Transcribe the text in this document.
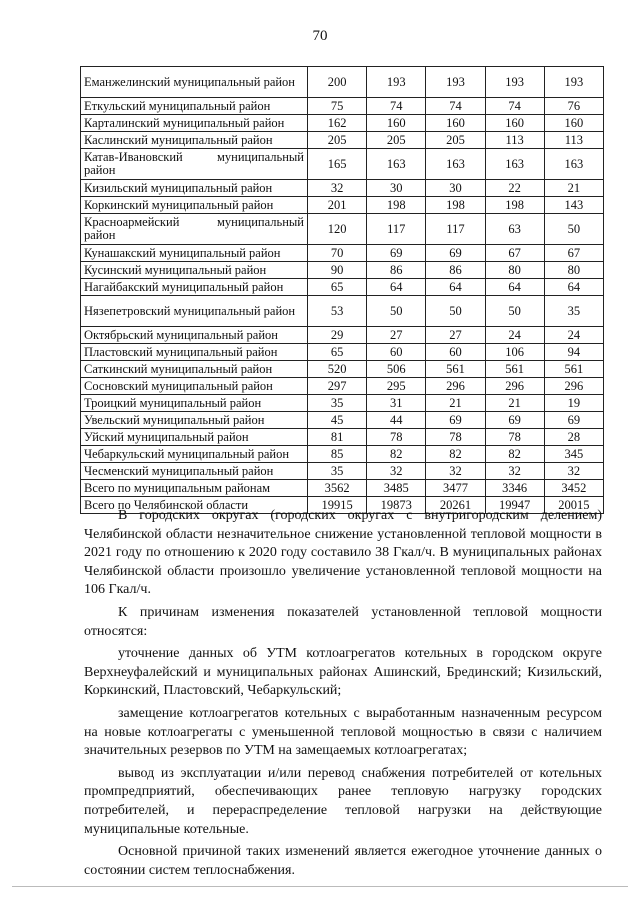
70
Еманжелинский муниципальный район	200	193	193	193	193

Еткульский муниципальный район	75	74	74	74	76

Карталинский муниципальный район	162	160	160	160	160

Каслинский муниципальный район	205	205	205	113	113

Катав-Ивановский муниципальный район	165	163	163	163	163

Кизильский муниципальный район	32	30	30	22	21

Коркинский муниципальный район	201	198	198	198	143

Красноармейский муниципальный район	120	117	117	63	50

Кунашакский муниципальный район	70	69	69	67	67

Кусинский муниципальный район	90	86	86	80	80

Нагайбакский муниципальный район	65	64	64	64	64

Нязепетровский муниципальный район	53	50	50	50	35

Октябрьский муниципальный район	29	27	27	24	24

Пластовский муниципальный район	65	60	60	106	94

Саткинский муниципальный район	520	506	561	561	561

Сосновский муниципальный район	297	295	296	296	296

Троицкий муниципальный район	35	31	21	21	19

Увельский муниципальный район	45	44	69	69	69

Уйский муниципальный район	81	78	78	78	28

Чебаркульский муниципальный район	85	82	82	82	345

Чесменский муниципальный район	35	32	32	32	32

Всего по муниципальным районам	3562	3485	3477	3346	3452

Всего по Челябинской области	19915	19873	20261	19947	20015

В городских округах (городских округах с внутригородским делением) Челябинской области незначительное снижение установленной тепловой мощности в 2021 году по отношению к 2020 году составило 38 Гкал/ч. В муниципальных районах Челябинской области произошло увеличение установленной тепловой мощности на 106 Гкал/ч.

К причинам изменения показателей установленной тепловой мощности относятся:

уточнение данных об УТМ котлоагрегатов котельных в городском округе Верхнеуфалейский и муниципальных районах Ашинский, Брединский; Кизильский, Коркинский, Пластовский, Чебаркульский;

замещение котлоагрегатов котельных с выработанным назначенным ресурсом на новые котлоагрегаты с уменьшенной тепловой мощностью в связи с наличием значительных резервов по УТМ на замещаемых котлоагрегатах;

вывод из эксплуатации и/или перевод снабжения потребителей от котельных промпредприятий, обеспечивающих ранее тепловую нагрузку городских потребителей, и перераспределение тепловой нагрузки на действующие муниципальные котельные.

Основной причиной таких изменений является ежегодное уточнение данных о состоянии систем теплоснабжения.
